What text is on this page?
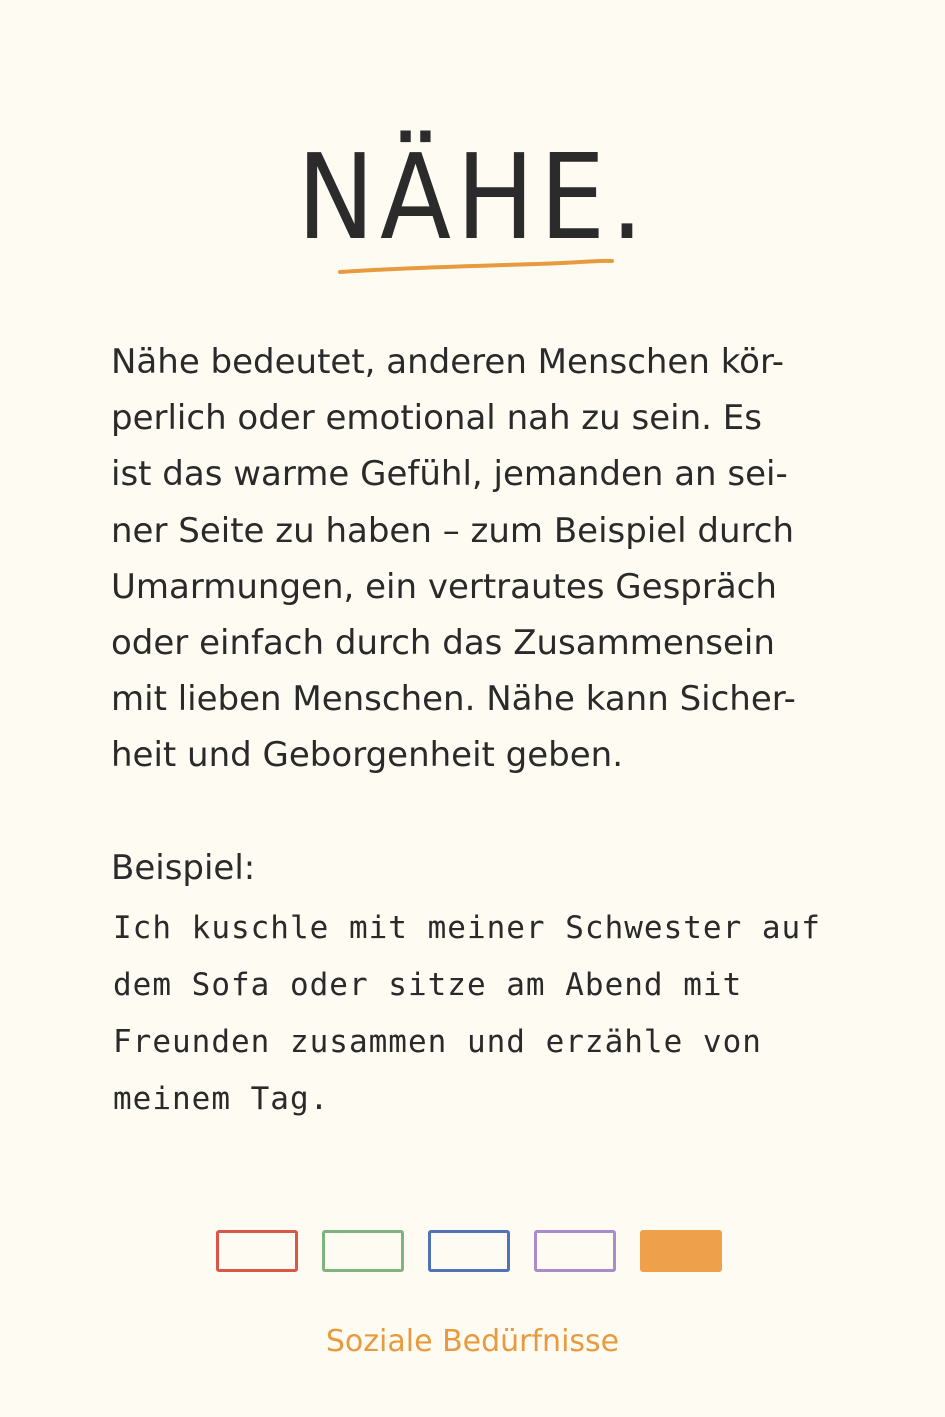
NÄHE.
Nähe bedeutet, anderen Menschen kör-
perlich oder emotional nah zu sein. Es
ist das warme Gefühl, jemanden an sei-
ner Seite zu haben – zum Beispiel durch
Umarmungen, ein vertrautes Gespräch
oder einfach durch das Zusammensein
mit lieben Menschen. Nähe kann Sicher-
heit und Geborgenheit geben.
Beispiel:
Ich kuschle mit meiner Schwester auf
dem Sofa oder sitze am Abend mit
Freunden zusammen und erzähle von
meinem Tag.
Soziale Bedürfnisse
